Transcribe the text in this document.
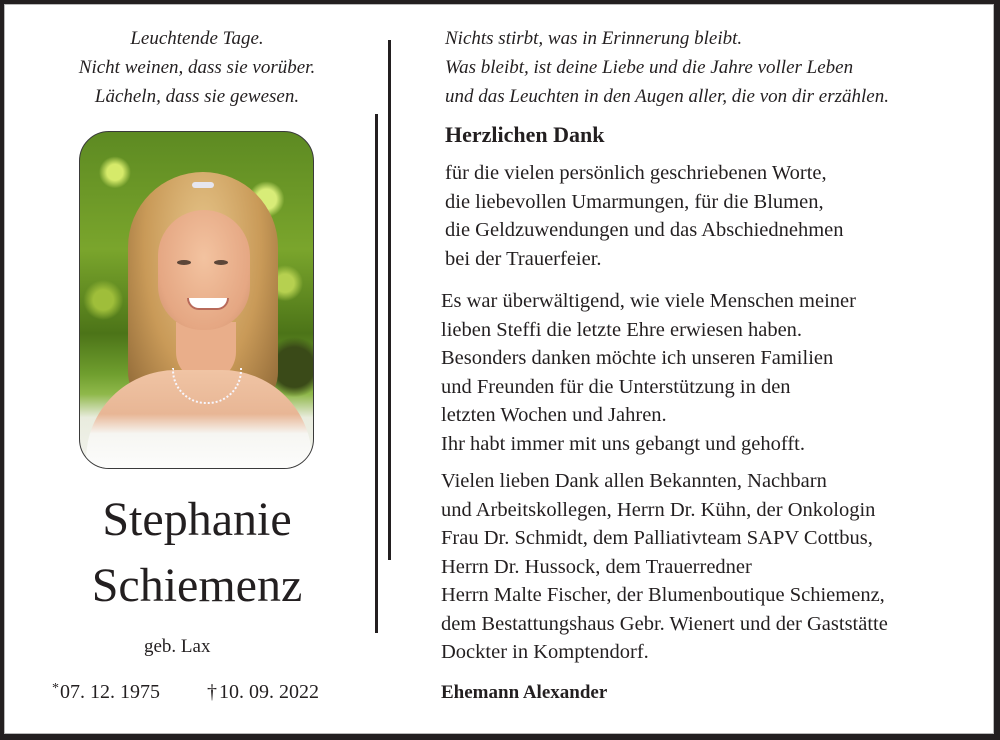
Leuchtende Tage.
Nicht weinen, dass sie vorüber.
Lächeln, dass sie gewesen.
Nichts stirbt, was in Erinnerung bleibt.
Was bleibt, ist deine Liebe und die Jahre voller Leben
und das Leuchten in den Augen aller, die von dir erzählen.
Stephanie
Schiemenz
geb. Lax
*07. 12. 1975 † 10. 09. 2022
Herzlichen Dank
für die vielen persönlich geschriebenen Worte,
die liebevollen Umarmungen, für die Blumen,
die Geldzuwendungen und das Abschiednehmen
bei der Trauerfeier.
Es war überwältigend, wie viele Menschen meiner
lieben Steffi die letzte Ehre erwiesen haben.
Besonders danken möchte ich unseren Familien
und Freunden für die Unterstützung in den
letzten Wochen und Jahren.
Ihr habt immer mit uns gebangt und gehofft.
Vielen lieben Dank allen Bekannten, Nachbarn
und Arbeitskollegen, Herrn Dr. Kühn, der Onkologin
Frau Dr. Schmidt, dem Palliativteam SAPV Cottbus,
Herrn Dr. Hussock, dem Trauerredner
Herrn Malte Fischer, der Blumenboutique Schiemenz,
dem Bestattungshaus Gebr. Wienert und der Gaststätte
Dockter in Komptendorf.
Ehemann Alexander
